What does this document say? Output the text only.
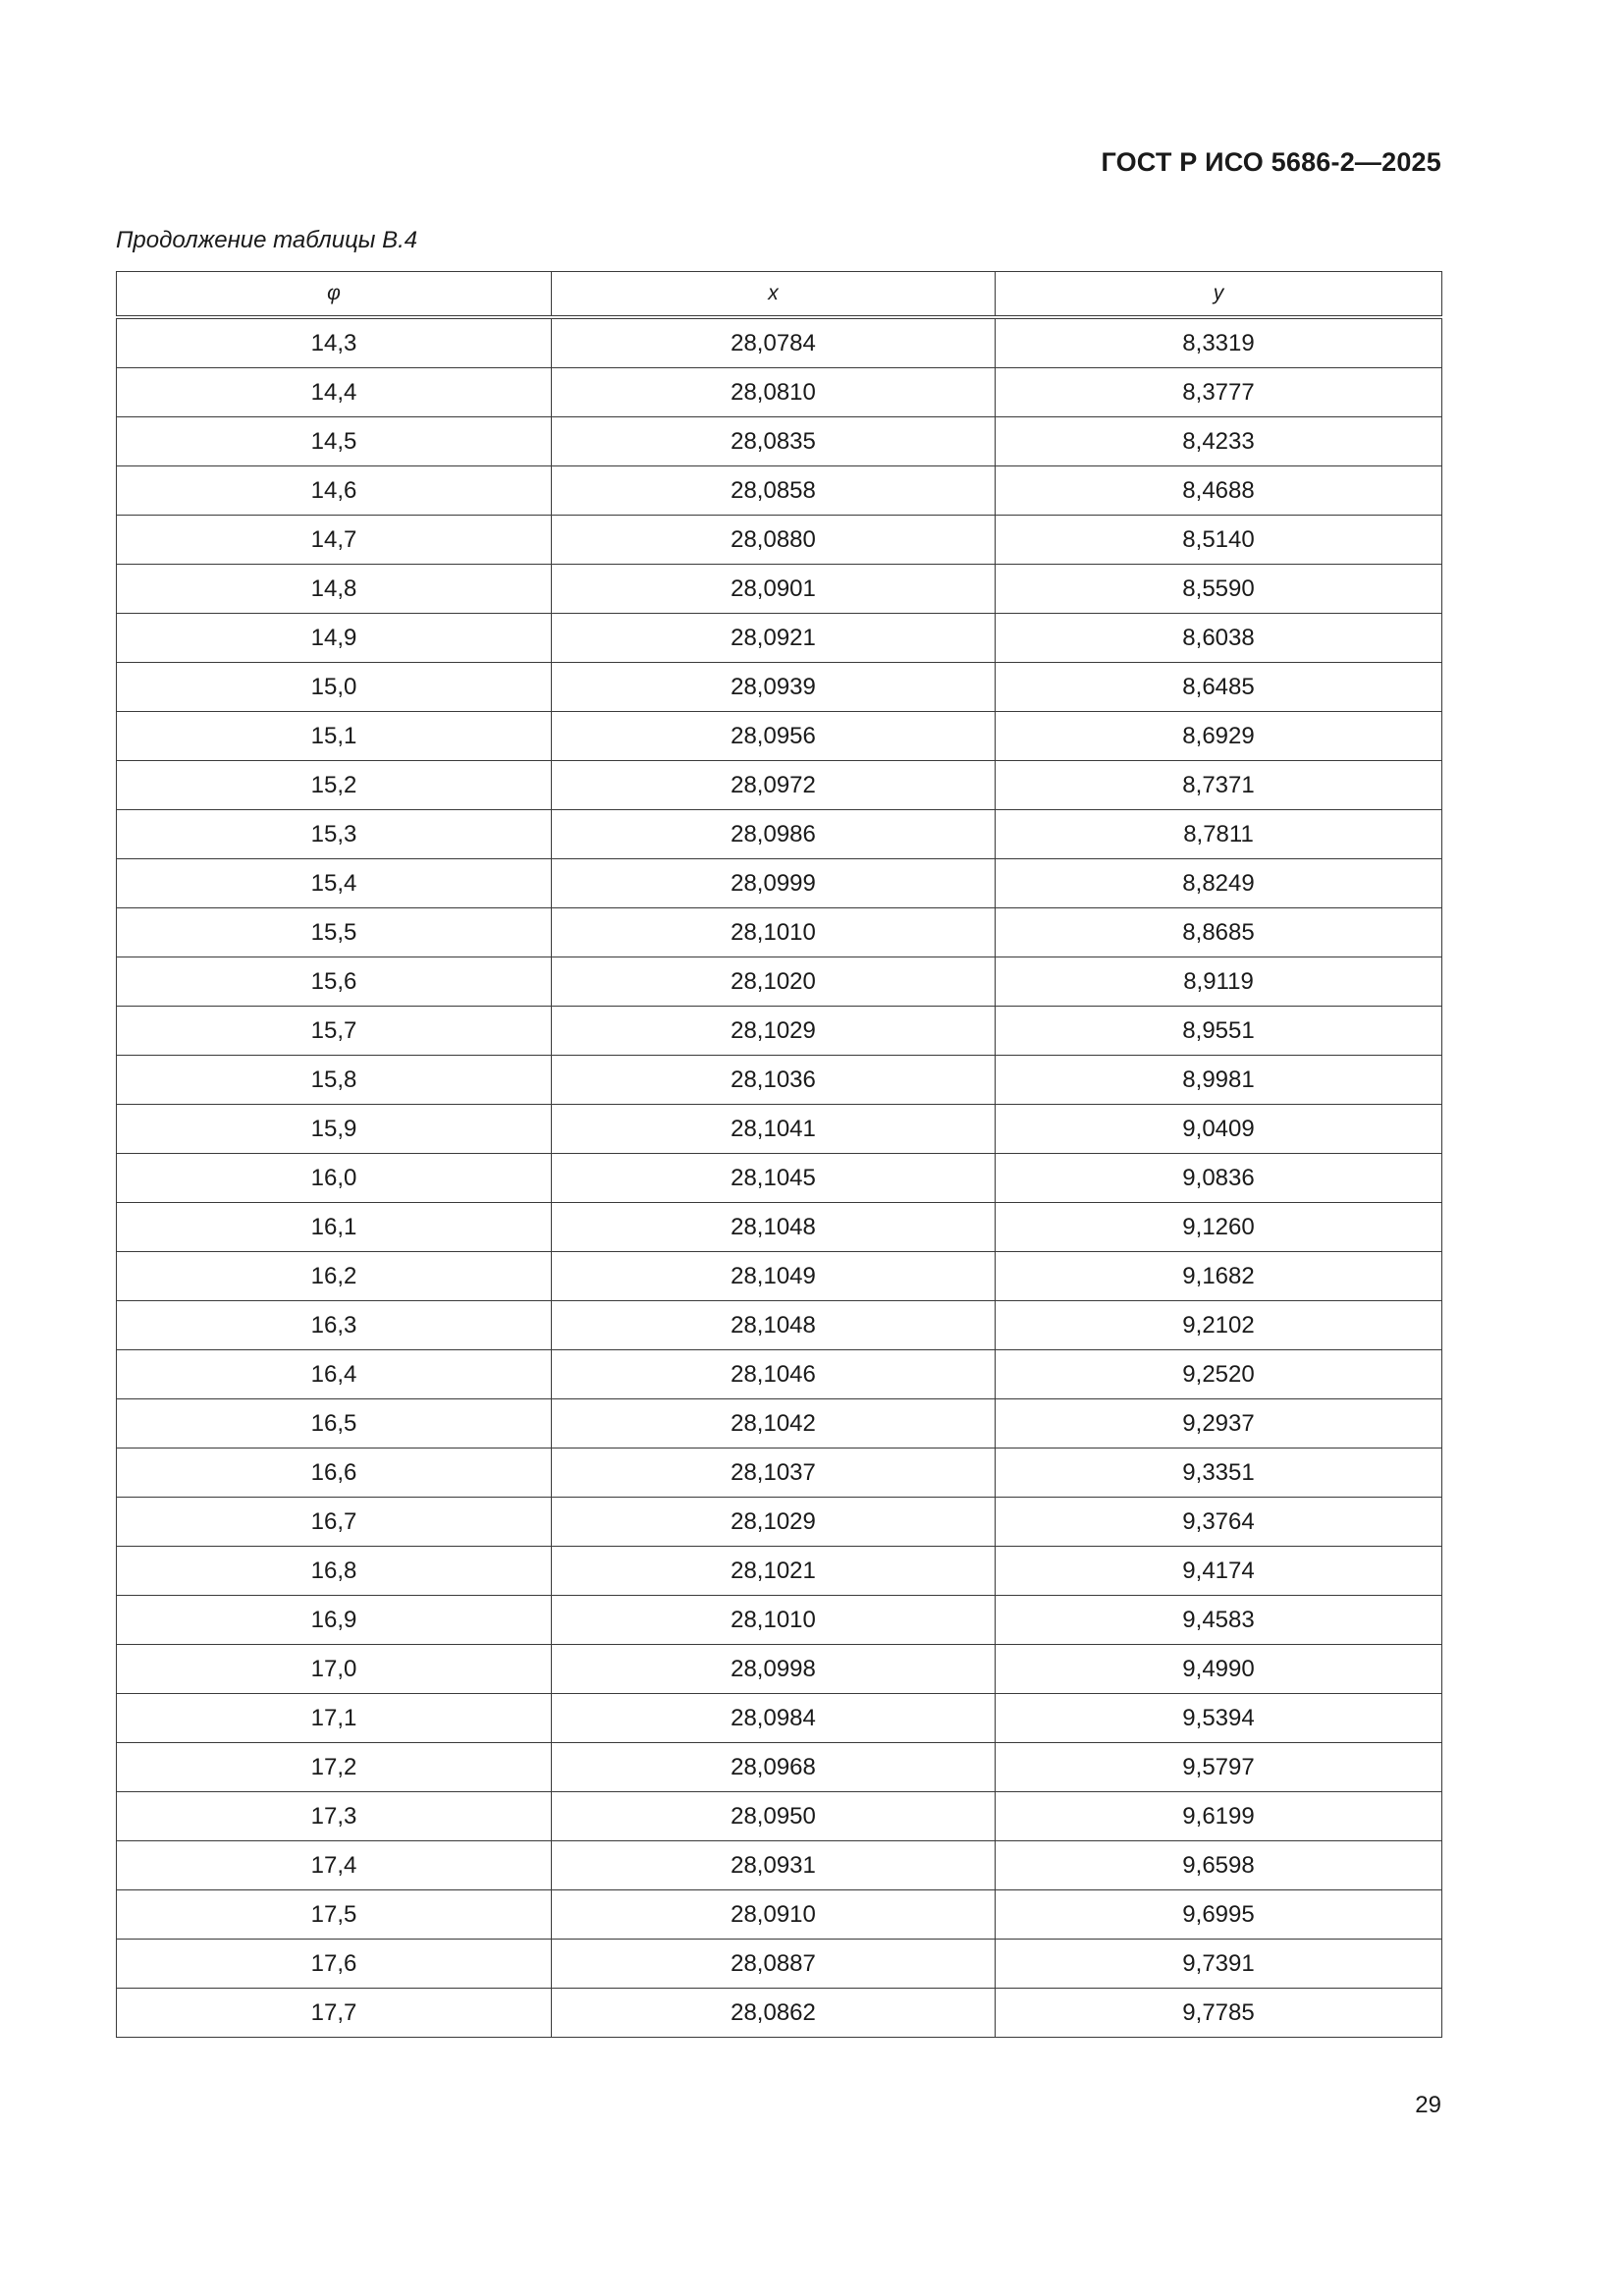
ГОСТ Р ИСО 5686-2—2025
Продолжение таблицы B.4
φ	x	y
14,3	28,0784	8,3319
14,4	28,0810	8,3777
14,5	28,0835	8,4233
14,6	28,0858	8,4688
14,7	28,0880	8,5140
14,8	28,0901	8,5590
14,9	28,0921	8,6038
15,0	28,0939	8,6485
15,1	28,0956	8,6929
15,2	28,0972	8,7371
15,3	28,0986	8,7811
15,4	28,0999	8,8249
15,5	28,1010	8,8685
15,6	28,1020	8,9119
15,7	28,1029	8,9551
15,8	28,1036	8,9981
15,9	28,1041	9,0409
16,0	28,1045	9,0836
16,1	28,1048	9,1260
16,2	28,1049	9,1682
16,3	28,1048	9,2102
16,4	28,1046	9,2520
16,5	28,1042	9,2937
16,6	28,1037	9,3351
16,7	28,1029	9,3764
16,8	28,1021	9,4174
16,9	28,1010	9,4583
17,0	28,0998	9,4990
17,1	28,0984	9,5394
17,2	28,0968	9,5797
17,3	28,0950	9,6199
17,4	28,0931	9,6598
17,5	28,0910	9,6995
17,6	28,0887	9,7391
17,7	28,0862	9,7785
29
